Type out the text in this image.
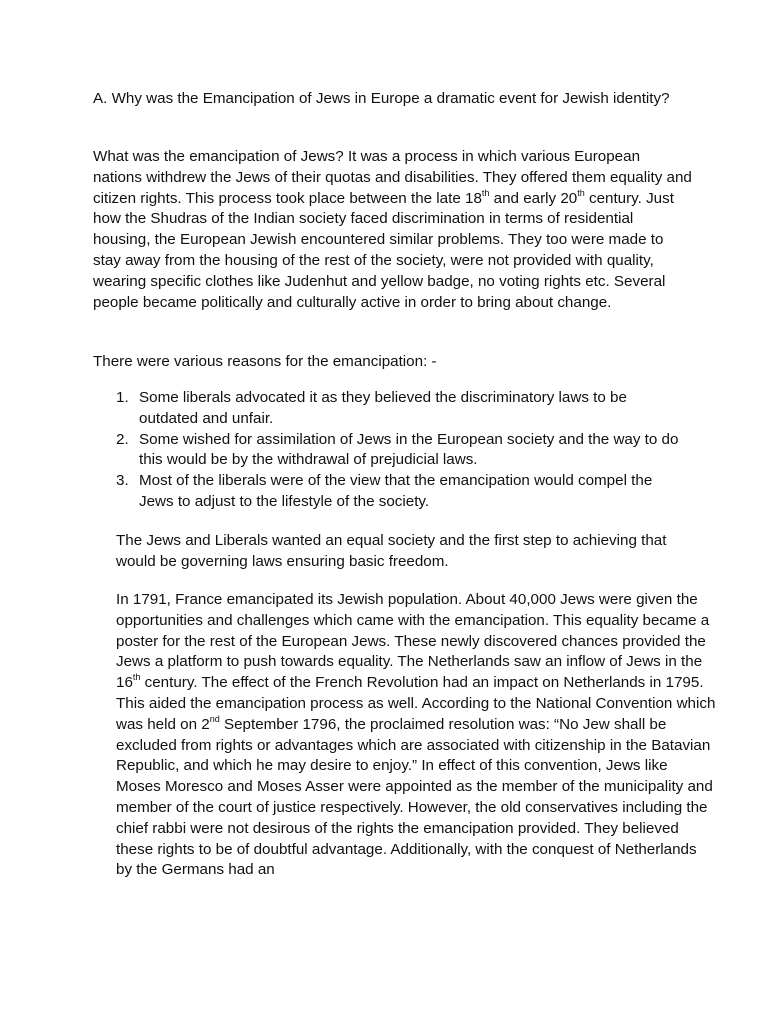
A. Why was the Emancipation of Jews in Europe a dramatic event for Jewish identity?

What was the emancipation of Jews? It was a process in which various European nations withdrew the Jews of their quotas and disabilities. They offered them equality and citizen rights. This process took place between the late 18th and early 20th century. Just how the Shudras of the Indian society faced discrimination in terms of residential housing, the European Jewish encountered similar problems. They too were made to stay away from the housing of the rest of the society, were not provided with quality, wearing specific clothes like Judenhut and yellow badge, no voting rights etc. Several people became politically and culturally active in order to bring about change.

There were various reasons for the emancipation: -

1. Some liberals advocated it as they believed the discriminatory laws to be outdated and unfair.
2. Some wished for assimilation of Jews in the European society and the way to do this would be by the withdrawal of prejudicial laws.
3. Most of the liberals were of the view that the emancipation would compel the Jews to adjust to the lifestyle of the society.

The Jews and Liberals wanted an equal society and the first step to achieving that would be governing laws ensuring basic freedom.

In 1791, France emancipated its Jewish population. About 40,000 Jews were given the opportunities and challenges which came with the emancipation. This equality became a poster for the rest of the European Jews. These newly discovered chances provided the Jews a platform to push towards equality. The Netherlands saw an inflow of Jews in the 16th century. The effect of the French Revolution had an impact on Netherlands in 1795. This aided the emancipation process as well. According to the National Convention which was held on 2nd September 1796, the proclaimed resolution was: “No Jew shall be excluded from rights or advantages which are associated with citizenship in the Batavian Republic, and which he may desire to enjoy.” In effect of this convention, Jews like Moses Moresco and Moses Asser were appointed as the member of the municipality and member of the court of justice respectively. However, the old conservatives including the chief rabbi were not desirous of the rights the emancipation provided. They believed these rights to be of doubtful advantage. Additionally, with the conquest of Netherlands by the Germans had an
